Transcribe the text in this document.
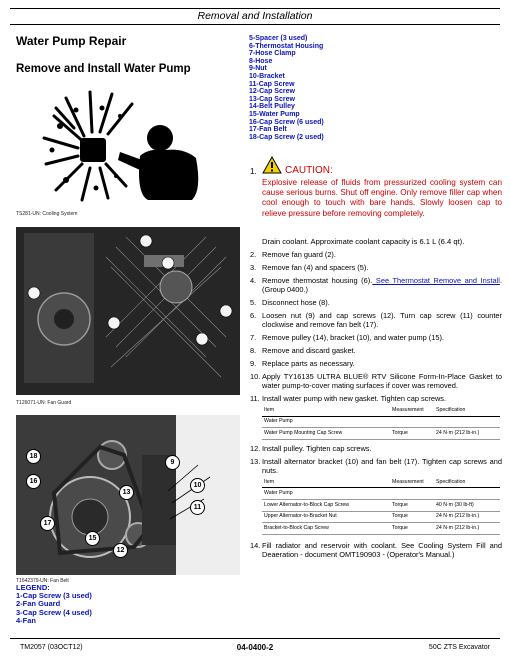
Removal and Installation
Water Pump Repair
Remove and Install Water Pump
TS281-UN: Cooling System
T126071-UN: Fan Guard
18
16
17
15
13
12
9
10
11
T1642379-UN: Fan Belt
LEGEND:
1-Cap Screw (3 used)
2-Fan Guard
3-Cap Screw (4 used)
4-Fan
5-Spacer (3 used)
6-Thermostat Housing
7-Hose Clamp
8-Hose
9-Nut
10-Bracket
11-Cap Screw
12-Cap Screw
13-Cap Screw
14-Belt Pulley
15-Water Pump
16-Cap Screw (6 used)
17-Fan Belt
18-Cap Screw (2 used)
1.	CAUTION:
Explosive release of fluids from pressurized cooling system can cause serious burns. Shut off engine. Only remove filler cap when cool enough to touch with bare hands. Slowly loosen cap to relieve pressure before removing completely.
Drain coolant. Approximate coolant capacity is 6.1 L (6.4 qt).
2. Remove fan guard (2).
3. Remove fan (4) and spacers (5).
4. Remove thermostat housing (6). See Thermostat Remove and Install. (Group 0400.)
5. Disconnect hose (8).
6. Loosen nut (9) and cap screws (12). Turn cap screw (11) counter clockwise and remove fan belt (17).
7. Remove pulley (14), bracket (10), and water pump (15).
8. Remove and discard gasket.
9. Replace parts as necessary.
10. Apply TY16135 ULTRA BLUE® RTV Silicone Form-In-Place Gasket to water pump-to-cover mating surfaces if cover was removed.
11. Install water pump with new gasket. Tighten cap screws.
Item	Measurement	Specification
Water Pump		
Water Pump Mounting Cap Screw	Torque	24 N·m (212 lb-in.)
12. Install pulley. Tighten cap screws.
13. Install alternator bracket (10) and fan belt (17). Tighten cap screws and nuts.
Item	Measurement	Specification
Water Pump		
Lower Alternator-to-Block Cap Screw	Torque	40 N·m (30 lb-ft)
Upper Alternator-to-Bracket Nut	Torque	24 N·m (212 lb-in.)
Bracket-to-Block Cap Screw	Torque	24 N·m (212 lb-in.)
14. Fill radiator and reservoir with coolant. See Cooling System Fill and Deaeration - document OMT190903 - (Operator's Manual.)
TM2057 (03OCT12)	04-0400-2	50C ZTS Excavator
